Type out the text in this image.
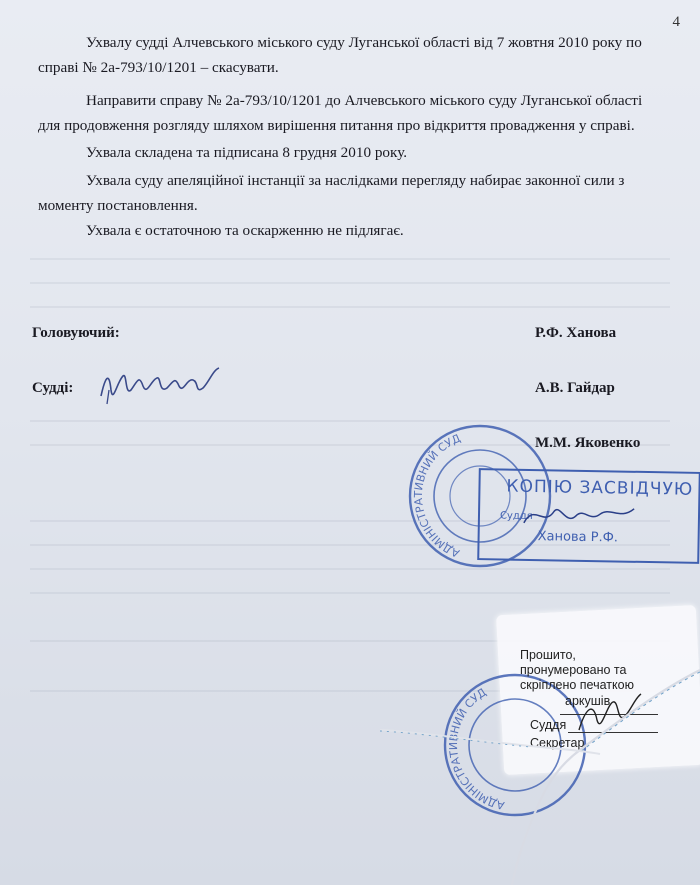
4
Ухвалу судді Алчевського міського суду Луганської області від 7 жовтня 2010 року по справі № 2а-793/10/1201 – скасувати.
Направити справу № 2а-793/10/1201 до Алчевського міського суду Луганської області для продовження розгляду шляхом вирішення питання про відкриття провадження у справі.
Ухвала складена та підписана 8 грудня 2010 року.
Ухвала суду апеляційної інстанції за наслідками перегляду набирає законної сили з моменту постановлення.
Ухвала є остаточною та оскарженню не підлягає.
Головуючий:	Р.Ф. Ханова
Судді:	А.В. Гайдар
М.М. Яковенко
АДМІНІСТРАТИВНИЙ СУД
КОПІЮ ЗАСВІДЧУЮ
Суддя
Ханова Р.Ф.
АДМІНІСТРАТИВНИЙ СУД
Прошито,
пронумеровано та
скріплено печаткою
аркушів
Суддя
Секретар
